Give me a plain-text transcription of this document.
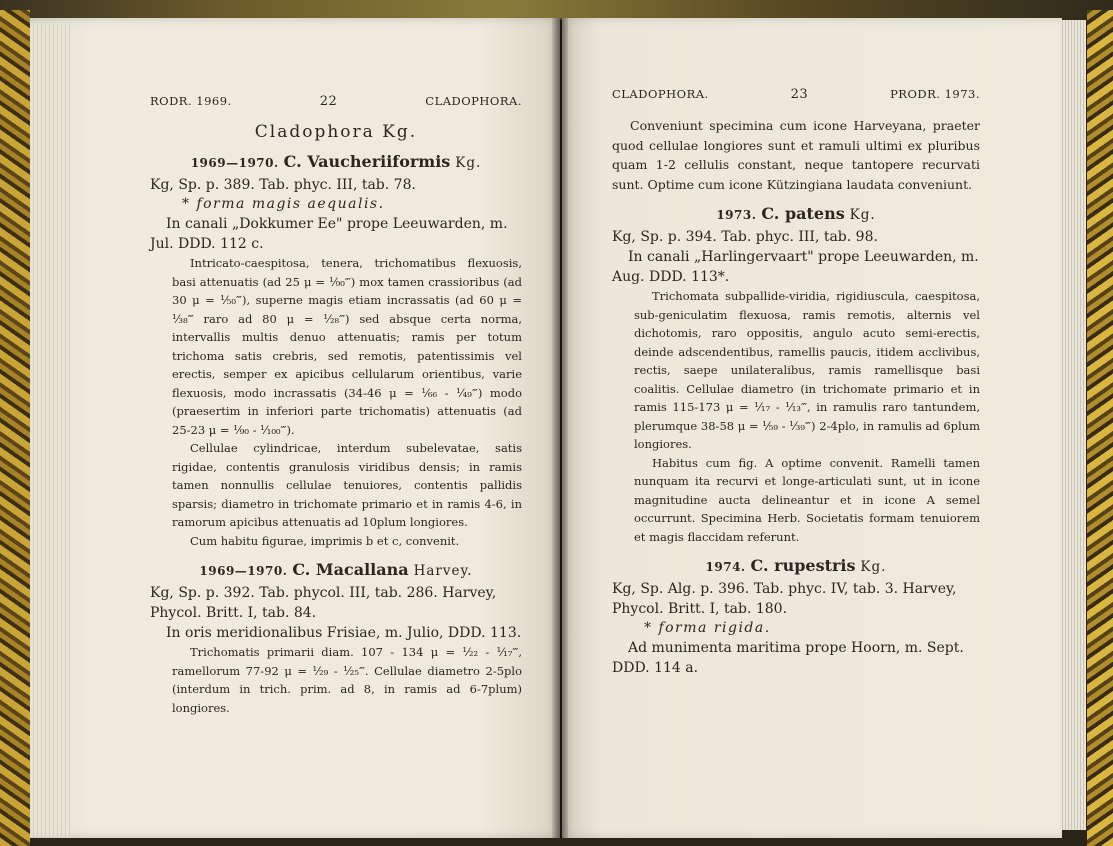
RODR. 1969.	22	CLADOPHORA.
Cladophora Kg.
1969—1970. C. Vaucheriiformis Kg.

Kg, Sp. p. 389. Tab. phyc. III, tab. 78.

* forma magis aequalis.

In canali „Dokkumer Ee" prope Leeuwarden, m. Jul. DDD. 112 c.

Intricato-caespitosa, tenera, trichomatibus flexuosis, basi attenuatis (ad 25 μ = ¹⁄₉₀‴) mox tamen crassioribus (ad 30 μ = ¹⁄₅₀‴), superne magis etiam incrassatis (ad 60 μ = ¹⁄₃₈‴ raro ad 80 μ = ¹⁄₂₈‴) sed absque certa norma, intervallis multis denuo attenuatis; ramis per totum trichoma satis crebris, sed remotis, patentissimis vel erectis, semper ex apicibus cellularum orientibus, varie flexuosis, modo incrassatis (34-46 μ = ¹⁄₆₆ - ¹⁄₄₉‴) modo (praesertim in inferiori parte trichomatis) attenuatis (ad 25-23 μ = ¹⁄₉₀ - ¹⁄₁₀₀‴).

Cellulae cylindricae, interdum subelevatae, satis rigidae, contentis granulosis viridibus densis; in ramis tamen nonnullis cellulae tenuiores, contentis pallidis sparsis; diametro in trichomate primario et in ramis 4-6, in ramorum apicibus attenuatis ad 10plum longiores.

Cum habitu figurae, imprimis b et c, convenit.

1969—1970. C. Macallana Harvey.

Kg, Sp. p. 392. Tab. phycol. III, tab. 286. Harvey, Phycol. Britt. I, tab. 84.

In oris meridionalibus Frisiae, m. Julio, DDD. 113.

Trichomatis primarii diam. 107 - 134 μ = ¹⁄₂₂ - ¹⁄₁₇‴, ramellorum 77-92 μ = ¹⁄₂₉ - ¹⁄₂₅‴. Cellulae diametro 2-5plo (interdum in trich. prim. ad 8, in ramis ad 6-7plum) longiores.

CLADOPHORA.	23	PRODR. 1973.

Conveniunt specimina cum icone Harveyana, praeter quod cellulae longiores sunt et ramuli ultimi ex pluribus quam 1-2 cellulis constant, neque tantopere recurvati sunt. Optime cum icone Kützingiana laudata conveniunt.

1973. C. patens Kg.

Kg, Sp. p. 394. Tab. phyc. III, tab. 98.

In canali „Harlingervaart" prope Leeuwarden, m. Aug. DDD. 113*.

Trichomata subpallide-viridia, rigidiuscula, caespitosa, sub-geniculatim flexuosa, ramis remotis, alternis vel dichotomis, raro oppositis, angulo acuto semi-erectis, deinde adscendentibus, ramellis paucis, itidem acclivibus, rectis, saepe unilateralibus, ramis ramellisque basi coalitis. Cellulae diametro (in trichomate primario et in ramis 115-173 μ = ¹⁄₁₇ - ¹⁄₁₃‴, in ramulis raro tantundem, plerumque 38-58 μ = ¹⁄₅₉ - ¹⁄₃₉‴) 2-4plo, in ramulis ad 6plum longiores.

Habitus cum fig. A optime convenit. Ramelli tamen nunquam ita recurvi et longe-articulati sunt, ut in icone magnitudine aucta delineantur et in icone A semel occurrunt. Specimina Herb. Societatis formam tenuiorem et magis flaccidam referunt.

1974. C. rupestris Kg.

Kg, Sp. Alg. p. 396. Tab. phyc. IV, tab. 3. Harvey, Phycol. Britt. I, tab. 180.

* forma rigida.

Ad munimenta maritima prope Hoorn, m. Sept. DDD. 114 a.
